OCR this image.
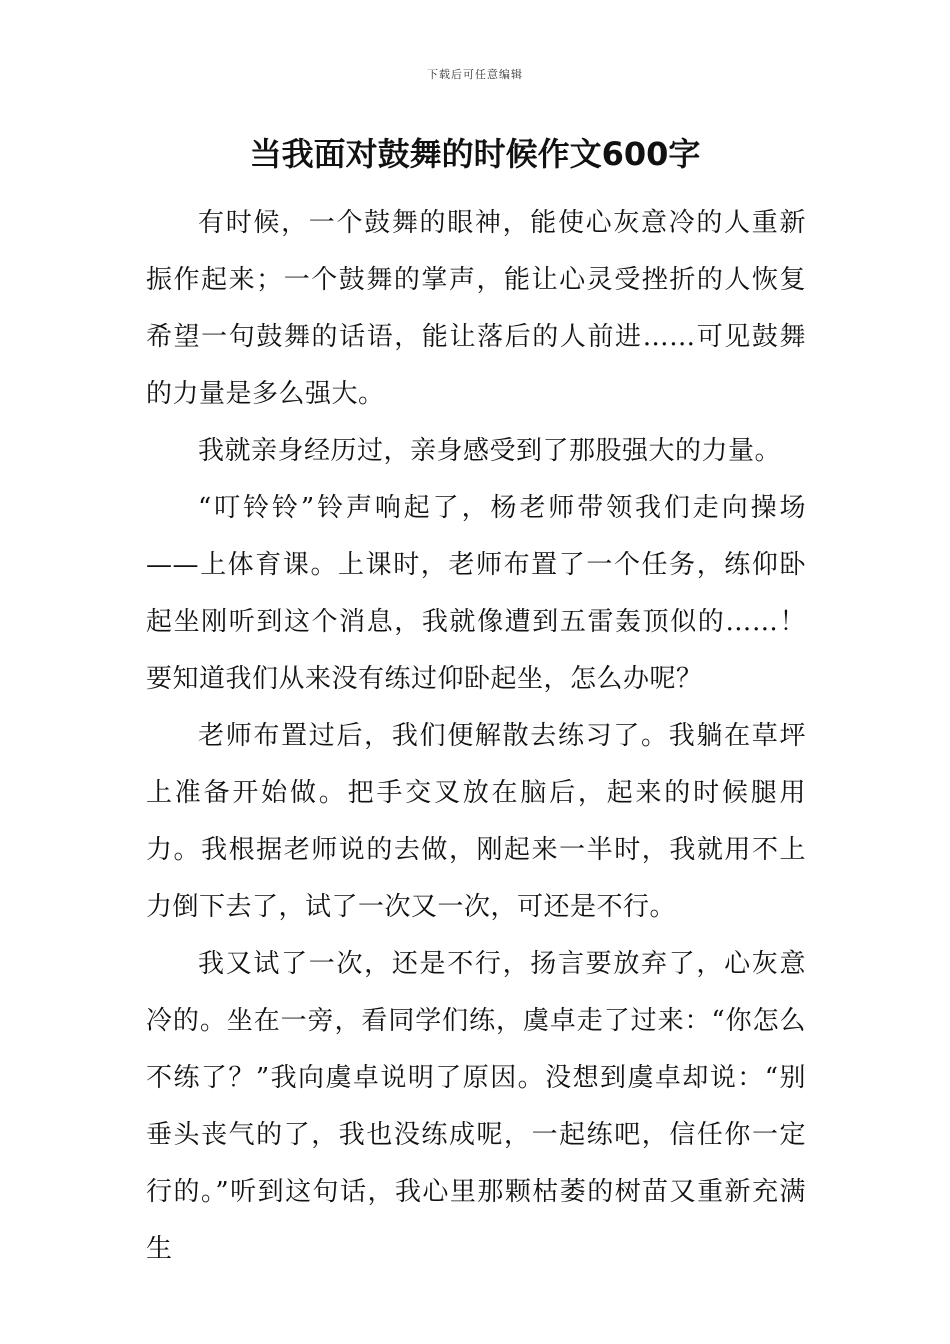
下载后可任意编辑
当我面对鼓舞的时候作文600字

有时候，一个鼓舞的眼神，能使心灰意冷的人重新振作起来；一个鼓舞的掌声，能让心灵受挫折的人恢复希望一句鼓舞的话语，能让落后的人前进……可见鼓舞的力量是多么强大。

我就亲身经历过，亲身感受到了那股强大的力量。

“叮铃铃”铃声响起了，杨老师带领我们走向操场——上体育课。上课时，老师布置了一个任务，练仰卧起坐刚听到这个消息，我就像遭到五雷轰顶似的……！要知道我们从来没有练过仰卧起坐，怎么办呢？

老师布置过后，我们便解散去练习了。我躺在草坪上准备开始做。把手交叉放在脑后，起来的时候腿用力。我根据老师说的去做，刚起来一半时，我就用不上力倒下去了，试了一次又一次，可还是不行。

我又试了一次，还是不行，扬言要放弃了，心灰意冷的。坐在一旁，看同学们练，虞卓走了过来：“你怎么不练了？”我向虞卓说明了原因。没想到虞卓却说：“别垂头丧气的了，我也没练成呢，一起练吧，信任你一定行的。”听到这句话，我心里那颗枯萎的树苗又重新充满生
